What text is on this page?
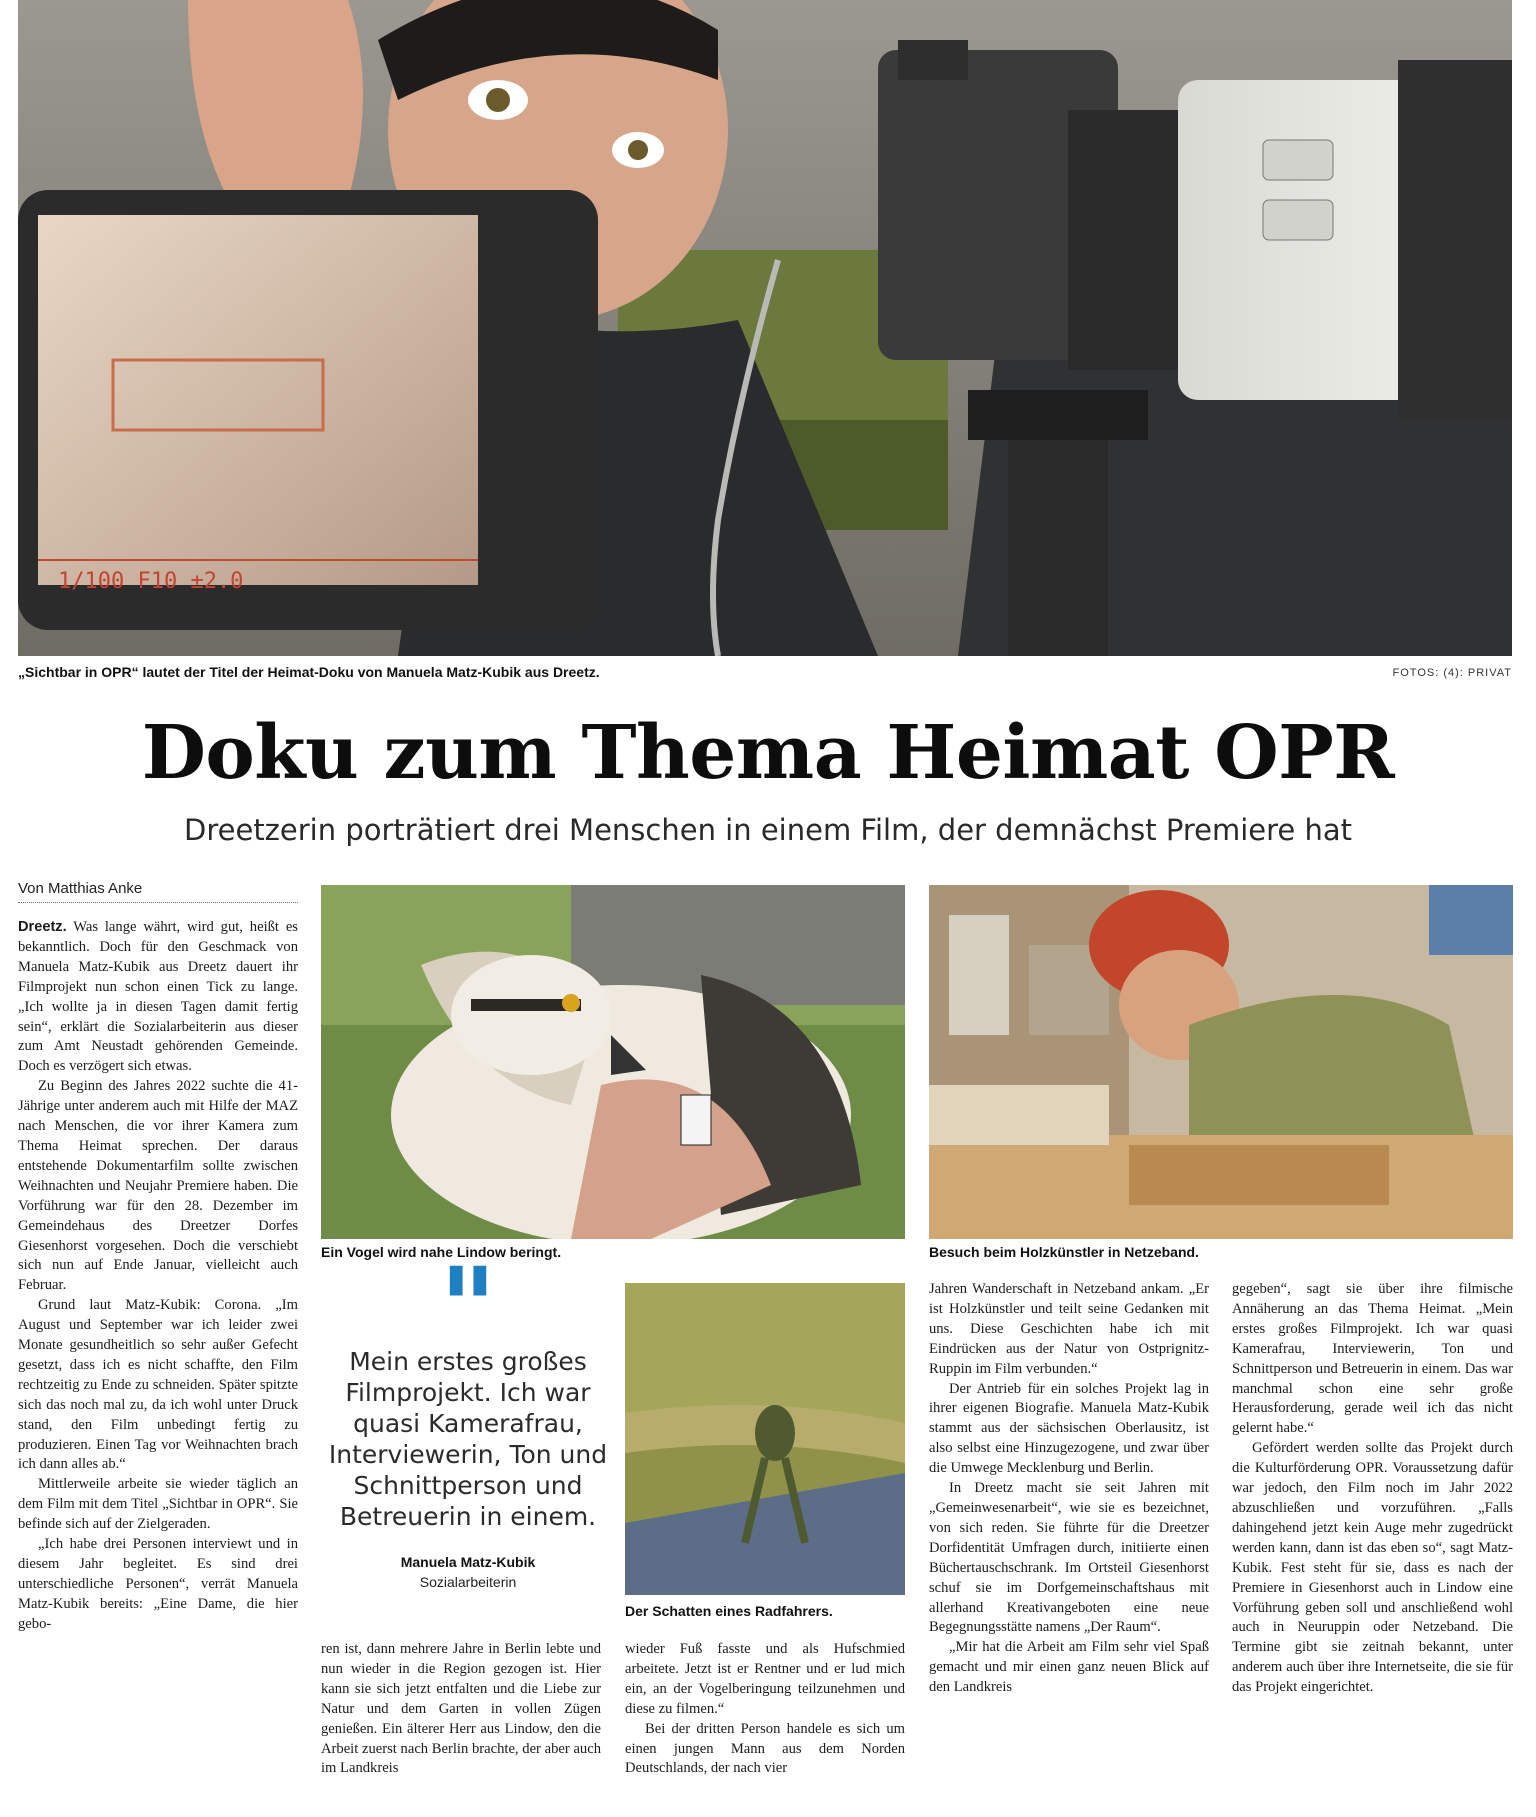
1/100 F10 ±2.0
„Sichtbar in OPR“ lautet der Titel der Heimat-Doku von Manuela Matz-Kubik aus Dreetz.	FOTOS: (4): PRIVAT
Doku zum Thema Heimat OPR
Dreetzerin porträtiert drei Menschen in einem Film, der demnächst Premiere hat
Von Matthias Anke

Dreetz. Was lange währt, wird gut, heißt es bekanntlich. Doch für den Geschmack von Manuela Matz-Kubik aus Dreetz dauert ihr Filmprojekt nun schon einen Tick zu lange. „Ich wollte ja in diesen Tagen damit fertig sein“, erklärt die Sozialarbeiterin aus dieser zum Amt Neustadt gehörenden Gemeinde. Doch es verzögert sich etwas.

Zu Beginn des Jahres 2022 suchte die 41-Jährige unter anderem auch mit Hilfe der MAZ nach Menschen, die vor ihrer Kamera zum Thema Heimat sprechen. Der daraus entstehende Dokumentarfilm sollte zwischen Weihnachten und Neujahr Premiere haben. Die Vorführung war für den 28. Dezember im Gemeindehaus des Dreetzer Dorfes Giesenhorst vorgesehen. Doch die verschiebt sich nun auf Ende Januar, vielleicht auch Februar.

Grund laut Matz-Kubik: Corona. „Im August und September war ich leider zwei Monate gesundheitlich so sehr außer Gefecht gesetzt, dass ich es nicht schaffte, den Film rechtzeitig zu Ende zu schneiden. Später spitzte sich das noch mal zu, da ich wohl unter Druck stand, den Film unbedingt fertig zu produzieren. Einen Tag vor Weihnachten brach ich dann alles ab.“

Mittlerweile arbeite sie wieder täglich an dem Film mit dem Titel „Sichtbar in OPR“. Sie befinde sich auf der Zielgeraden.

„Ich habe drei Personen interviewt und in diesem Jahr begleitet. Es sind drei unterschiedliche Personen“, verrät Manuela Matz-Kubik bereits: „Eine Dame, die hier gebo-

Ein Vogel wird nahe Lindow beringt.	Besuch beim Holzkünstler in Netzeband.
"
Mein erstes großes Filmprojekt. Ich war quasi Kamerafrau, Interviewerin, Ton und Schnittperson und Betreuerin in einem.
Manuela Matz-Kubik
Sozialarbeiterin
Der Schatten eines Radfahrers.

ren ist, dann mehrere Jahre in Berlin lebte und nun wieder in die Region gezogen ist. Hier kann sie sich jetzt entfalten und die Liebe zur Natur und dem Garten in vollen Zügen genießen. Ein älterer Herr aus Lindow, den die Arbeit zuerst nach Berlin brachte, der aber auch im Landkreis

wieder Fuß fasste und als Hufschmied arbeitete. Jetzt ist er Rentner und er lud mich ein, an der Vogelberingung teilzunehmen und diese zu filmen.“

Bei der dritten Person handele es sich um einen jungen Mann aus dem Norden Deutschlands, der nach vier

Jahren Wanderschaft in Netzeband ankam. „Er ist Holzkünstler und teilt seine Gedanken mit uns. Diese Geschichten habe ich mit Eindrücken aus der Natur von Ostprignitz-Ruppin im Film verbunden.“

Der Antrieb für ein solches Projekt lag in ihrer eigenen Biografie. Manuela Matz-Kubik stammt aus der sächsischen Oberlausitz, ist also selbst eine Hinzugezogene, und zwar über die Umwege Mecklenburg und Berlin.

In Dreetz macht sie seit Jahren mit „Gemeinwesenarbeit“, wie sie es bezeichnet, von sich reden. Sie führte für die Dreetzer Dorfidentität Umfragen durch, initiierte einen Büchertauschschrank. Im Ortsteil Giesenhorst schuf sie im Dorfgemeinschaftshaus mit allerhand Kreativangeboten eine neue Begegnungsstätte namens „Der Raum“.

„Mir hat die Arbeit am Film sehr viel Spaß gemacht und mir einen ganz neuen Blick auf den Landkreis

gegeben“, sagt sie über ihre filmische Annäherung an das Thema Heimat. „Mein erstes großes Filmprojekt. Ich war quasi Kamerafrau, Interviewerin, Ton und Schnittperson und Betreuerin in einem. Das war manchmal schon eine sehr große Herausforderung, gerade weil ich das nicht gelernt habe.“

Gefördert werden sollte das Projekt durch die Kulturförderung OPR. Voraussetzung dafür war jedoch, den Film noch im Jahr 2022 abzuschließen und vorzuführen. „Falls dahingehend jetzt kein Auge mehr zugedrückt werden kann, dann ist das eben so“, sagt Matz-Kubik. Fest steht für sie, dass es nach der Premiere in Giesenhorst auch in Lindow eine Vorführung geben soll und anschließend wohl auch in Neuruppin oder Netzeband. Die Termine gibt sie zeitnah bekannt, unter anderem auch über ihre Internetseite, die sie für das Projekt eingerichtet.
